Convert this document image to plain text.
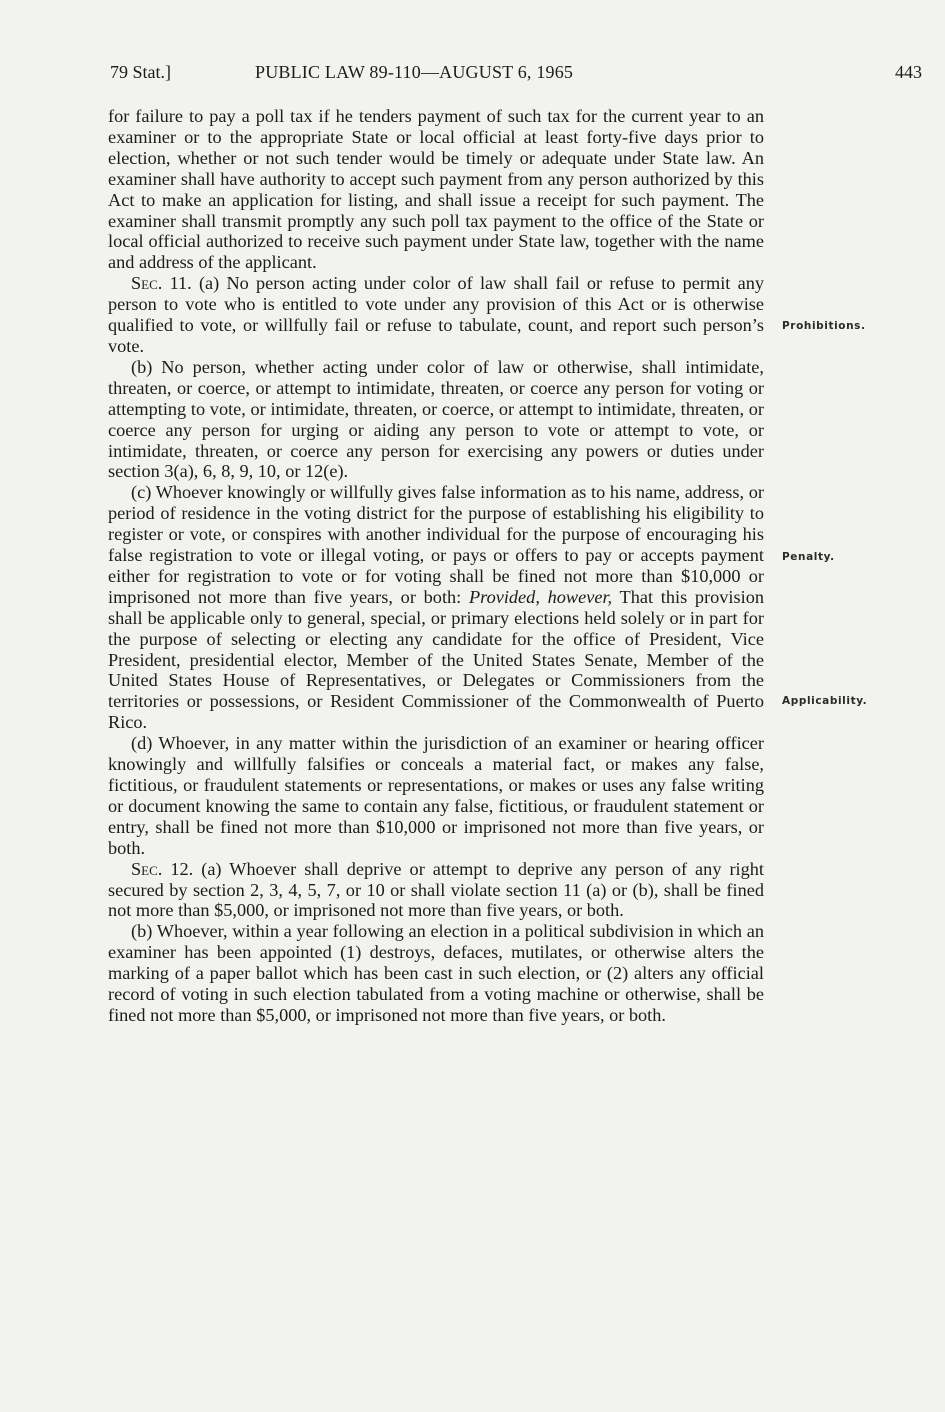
79 Stat.]	PUBLIC LAW 89-110—AUGUST 6, 1965	443

for failure to pay a poll tax if he tenders payment of such tax for the current year to an examiner or to the appropriate State or local official at least forty-five days prior to election, whether or not such tender would be timely or adequate under State law. An examiner shall have authority to accept such payment from any person authorized by this Act to make an application for listing, and shall issue a receipt for such payment. The examiner shall transmit promptly any such poll tax payment to the office of the State or local official authorized to receive such payment under State law, together with the name and address of the applicant.

Sec. 11. (a) No person acting under color of law shall fail or refuse to permit any person to vote who is entitled to vote under any provision of this Act or is otherwise qualified to vote, or willfully fail or refuse to tabulate, count, and report such person’s vote.

(b) No person, whether acting under color of law or otherwise, shall intimidate, threaten, or coerce, or attempt to intimidate, threaten, or coerce any person for voting or attempting to vote, or intimidate, threaten, or coerce, or attempt to intimidate, threaten, or coerce any person for urging or aiding any person to vote or attempt to vote, or intimidate, threaten, or coerce any person for exercising any powers or duties under section 3(a), 6, 8, 9, 10, or 12(e).

(c) Whoever knowingly or willfully gives false information as to his name, address, or period of residence in the voting district for the purpose of establishing his eligibility to register or vote, or conspires with another individual for the purpose of encouraging his false registration to vote or illegal voting, or pays or offers to pay or accepts payment either for registration to vote or for voting shall be fined not more than $10,000 or imprisoned not more than five years, or both: Provided, however, That this provision shall be applicable only to general, special, or primary elections held solely or in part for the purpose of selecting or electing any candidate for the office of President, Vice President, presidential elector, Member of the United States Senate, Member of the United States House of Representatives, or Delegates or Commissioners from the territories or possessions, or Resident Commissioner of the Commonwealth of Puerto Rico.

(d) Whoever, in any matter within the jurisdiction of an examiner or hearing officer knowingly and willfully falsifies or conceals a material fact, or makes any false, fictitious, or fraudulent statements or representations, or makes or uses any false writing or document knowing the same to contain any false, fictitious, or fraudulent statement or entry, shall be fined not more than $10,000 or imprisoned not more than five years, or both.

Sec. 12. (a) Whoever shall deprive or attempt to deprive any person of any right secured by section 2, 3, 4, 5, 7, or 10 or shall violate section 11 (a) or (b), shall be fined not more than $5,000, or imprisoned not more than five years, or both.

(b) Whoever, within a year following an election in a political subdivision in which an examiner has been appointed (1) destroys, defaces, mutilates, or otherwise alters the marking of a paper ballot which has been cast in such election, or (2) alters any official record of voting in such election tabulated from a voting machine or otherwise, shall be fined not more than $5,000, or imprisoned not more than five years, or both.

Prohibitions.
Penalty.
Applicability.
